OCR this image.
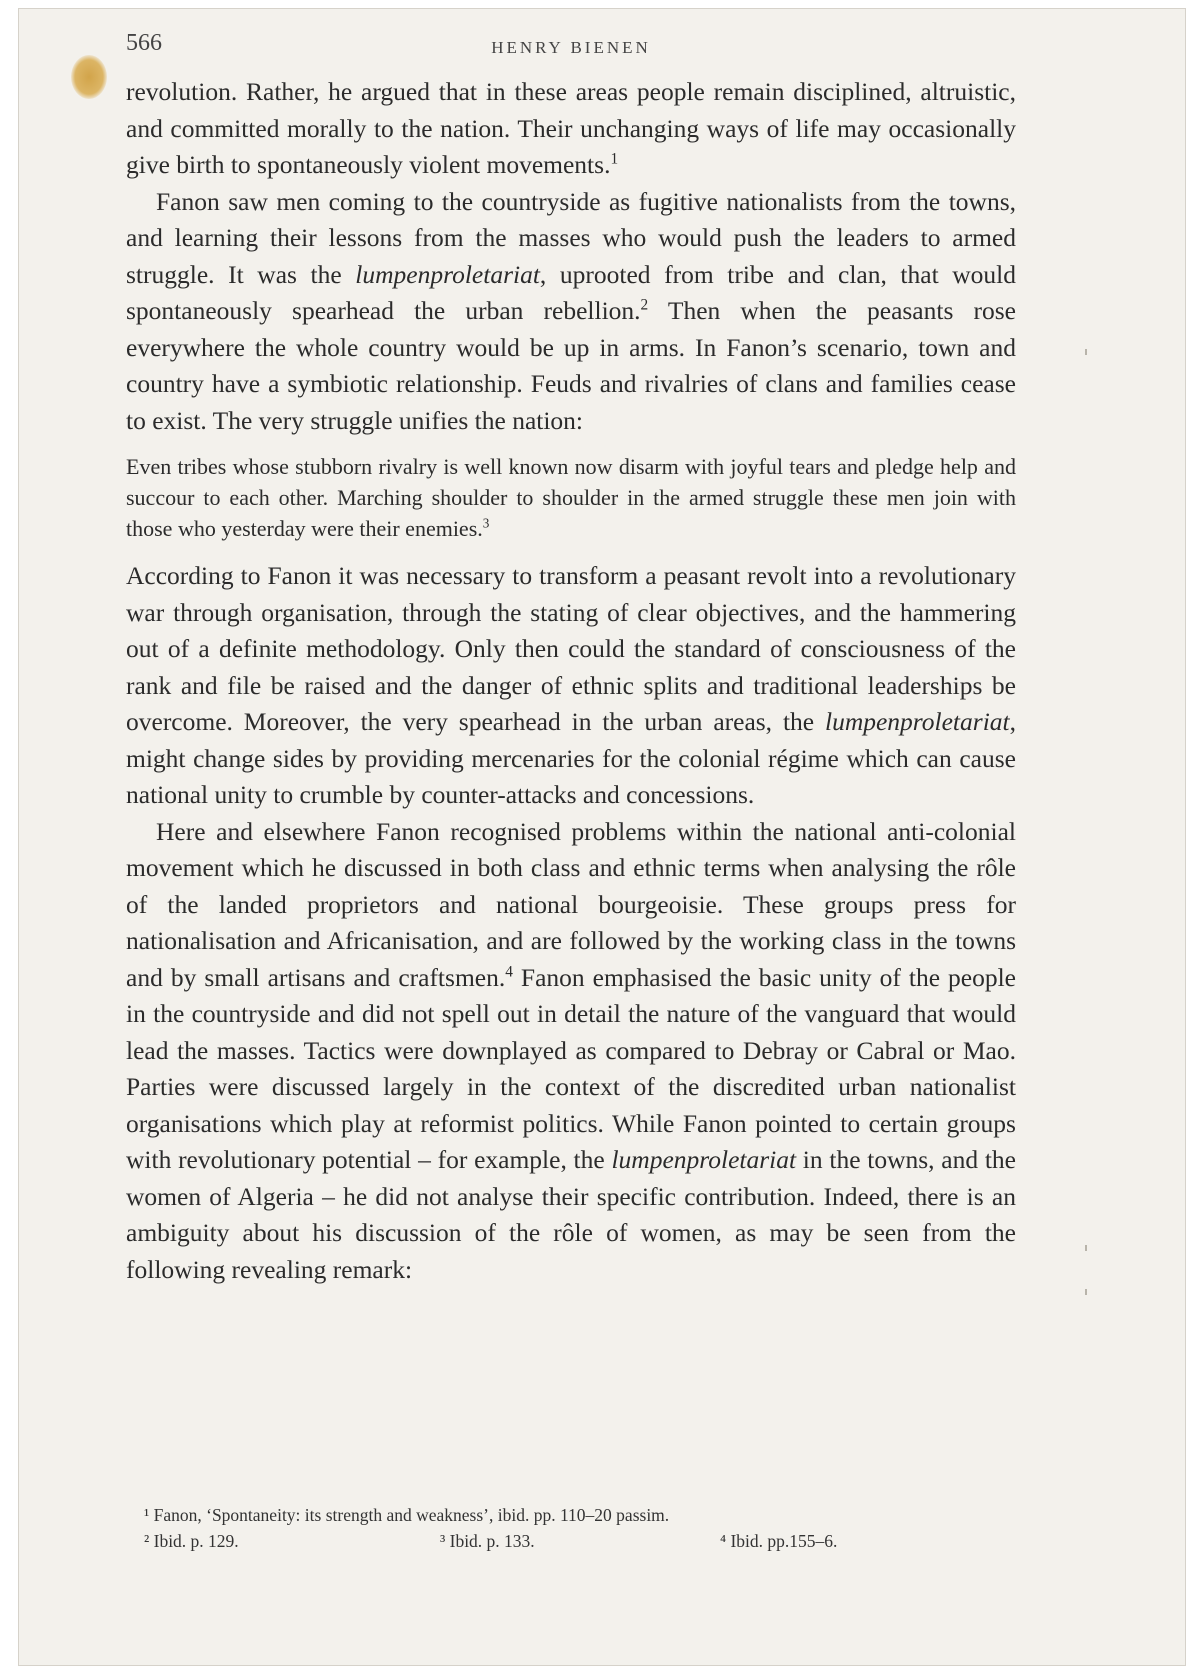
566	HENRY BIENEN

revolution. Rather, he argued that in these areas people remain disciplined, altruistic, and committed morally to the nation. Their unchanging ways of life may occasionally give birth to spontaneously violent movements.$^1$

Fanon saw men coming to the countryside as fugitive nationalists from the towns, and learning their lessons from the masses who would push the leaders to armed struggle. It was the lumpenproletariat, uprooted from tribe and clan, that would spontaneously spearhead the urban rebellion.$^2$ Then when the peasants rose everywhere the whole country would be up in arms. In Fanon’s scenario, town and country have a symbiotic relationship. Feuds and rivalries of clans and families cease to exist. The very struggle unifies the nation:

Even tribes whose stubborn rivalry is well known now disarm with joyful tears and pledge help and succour to each other. Marching shoulder to shoulder in the armed struggle these men join with those who yesterday were their enemies.$^3$

According to Fanon it was necessary to transform a peasant revolt into a revolutionary war through organisation, through the stating of clear objectives, and the hammering out of a definite methodology. Only then could the standard of consciousness of the rank and file be raised and the danger of ethnic splits and traditional leaderships be overcome. Moreover, the very spearhead in the urban areas, the lumpenproletariat, might change sides by providing mercenaries for the colonial régime which can cause national unity to crumble by counter-attacks and concessions.

Here and elsewhere Fanon recognised problems within the national anti-colonial movement which he discussed in both class and ethnic terms when analysing the rôle of the landed proprietors and national bourgeoisie. These groups press for nationalisation and Africanisation, and are followed by the working class in the towns and by small artisans and craftsmen.$^4$ Fanon emphasised the basic unity of the people in the countryside and did not spell out in detail the nature of the vanguard that would lead the masses. Tactics were downplayed as compared to Debray or Cabral or Mao. Parties were discussed largely in the context of the discredited urban nationalist organisations which play at reformist politics. While Fanon pointed to certain groups with revolutionary potential – for example, the lumpenproletariat in the towns, and the women of Algeria – he did not analyse their specific contribution. Indeed, there is an ambiguity about his discussion of the rôle of women, as may be seen from the following revealing remark:

¹ Fanon, ‘Spontaneity: its strength and weakness’, ibid. pp. 110–20 passim.
² Ibid. p. 129.	³ Ibid. p. 133.	⁴ Ibid. pp.155–6.
